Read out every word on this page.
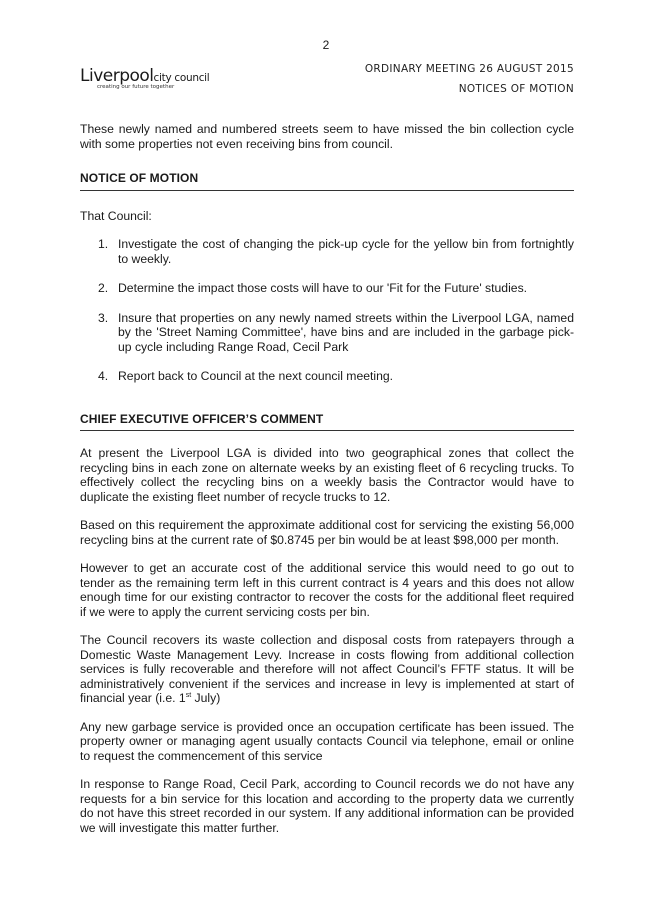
2
Liverpoolcity council
creating our future together
ORDINARY MEETING 26 AUGUST 2015
NOTICES OF MOTION

These newly named and numbered streets seem to have missed the bin collection cycle with some properties not even receiving bins from council.

NOTICE OF MOTION

That Council:

1. Investigate the cost of changing the pick-up cycle for the yellow bin from fortnightly to weekly.
2. Determine the impact those costs will have to our 'Fit for the Future' studies.
3. Insure that properties on any newly named streets within the Liverpool LGA, named by the 'Street Naming Committee', have bins and are included in the garbage pick-up cycle including Range Road, Cecil Park
4. Report back to Council at the next council meeting.
CHIEF EXECUTIVE OFFICER’S COMMENT

At present the Liverpool LGA is divided into two geographical zones that collect the recycling bins in each zone on alternate weeks by an existing fleet of 6 recycling trucks. To effectively collect the recycling bins on a weekly basis the Contractor would have to duplicate the existing fleet number of recycle trucks to 12.

Based on this requirement the approximate additional cost for servicing the existing 56,000 recycling bins at the current rate of $0.8745 per bin would be at least $98,000 per month.

However to get an accurate cost of the additional service this would need to go out to tender as the remaining term left in this current contract is 4 years and this does not allow enough time for our existing contractor to recover the costs for the additional fleet required if we were to apply the current servicing costs per bin.

The Council recovers its waste collection and disposal costs from ratepayers through a Domestic Waste Management Levy. Increase in costs flowing from additional collection services is fully recoverable and therefore will not affect Council’s FFTF status. It will be administratively convenient if the services and increase in levy is implemented at start of financial year (i.e. 1st July)

Any new garbage service is provided once an occupation certificate has been issued. The property owner or managing agent usually contacts Council via telephone, email or online to request the commencement of this service

In response to Range Road, Cecil Park, according to Council records we do not have any requests for a bin service for this location and according to the property data we currently do not have this street recorded in our system. If any additional information can be provided we will investigate this matter further.
